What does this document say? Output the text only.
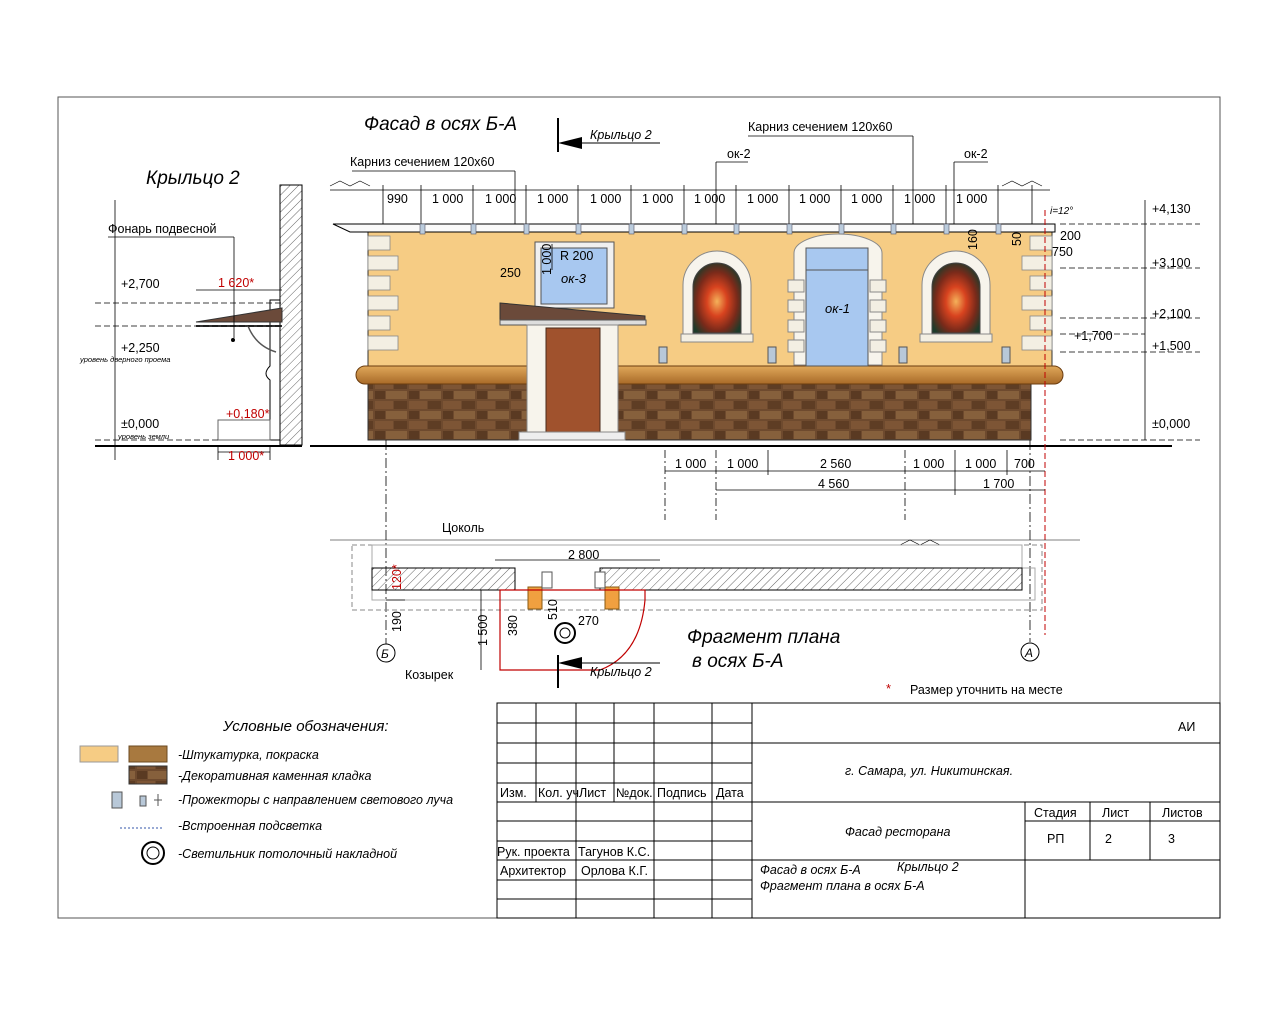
Фасад в осях Б-А	Крыльцо 2
Карниз сечением 120х60
Карниз сечением 120х60
ок-2	ок-2
990 1 000 1 000 1 000 1 000 1 000 1 000 1 000 1 000 1 000 1 000 1 000
R 200
ок-3
1 000
250
ок-1
+4,130
+3,100
+2,100
+1,700
+1,500
±0,000
i=12°
200
750
160 50
1 000 1 000	2 560	1 000 1 000 700
4 560	1 700
Крыльцо 2
Фонарь подвесной
+2,700	1 620*
+2,250
уровень дверного проема
±0,000
уровень земли
+0,180*
1 000*
Цоколь
2 800
120*
510
380	270
190	1 500
Козырек
Б	А
Крыльцо 2
Фрагмент плана
в осях Б-А
* Размер уточнить на месте
Условные обозначения:
-Штукатурка, покраска
-Декоративная каменная кладка
-Прожекторы с направлением светового луча
-Встроенная подсветка
-Светильник потолочный накладной
АИ
г. Самара, ул. Никитинская.
Изм. Кол. уч Лист №док. Подпись Дата
Рук. проекта Тагунов К.С.
Архитектор Орлова К.Г.
Фасад ресторана
Стадия Лист	Листов
РП	2	3
Фасад в осях Б-А	Крыльцо 2
Фрагмент плана в осях Б-А
